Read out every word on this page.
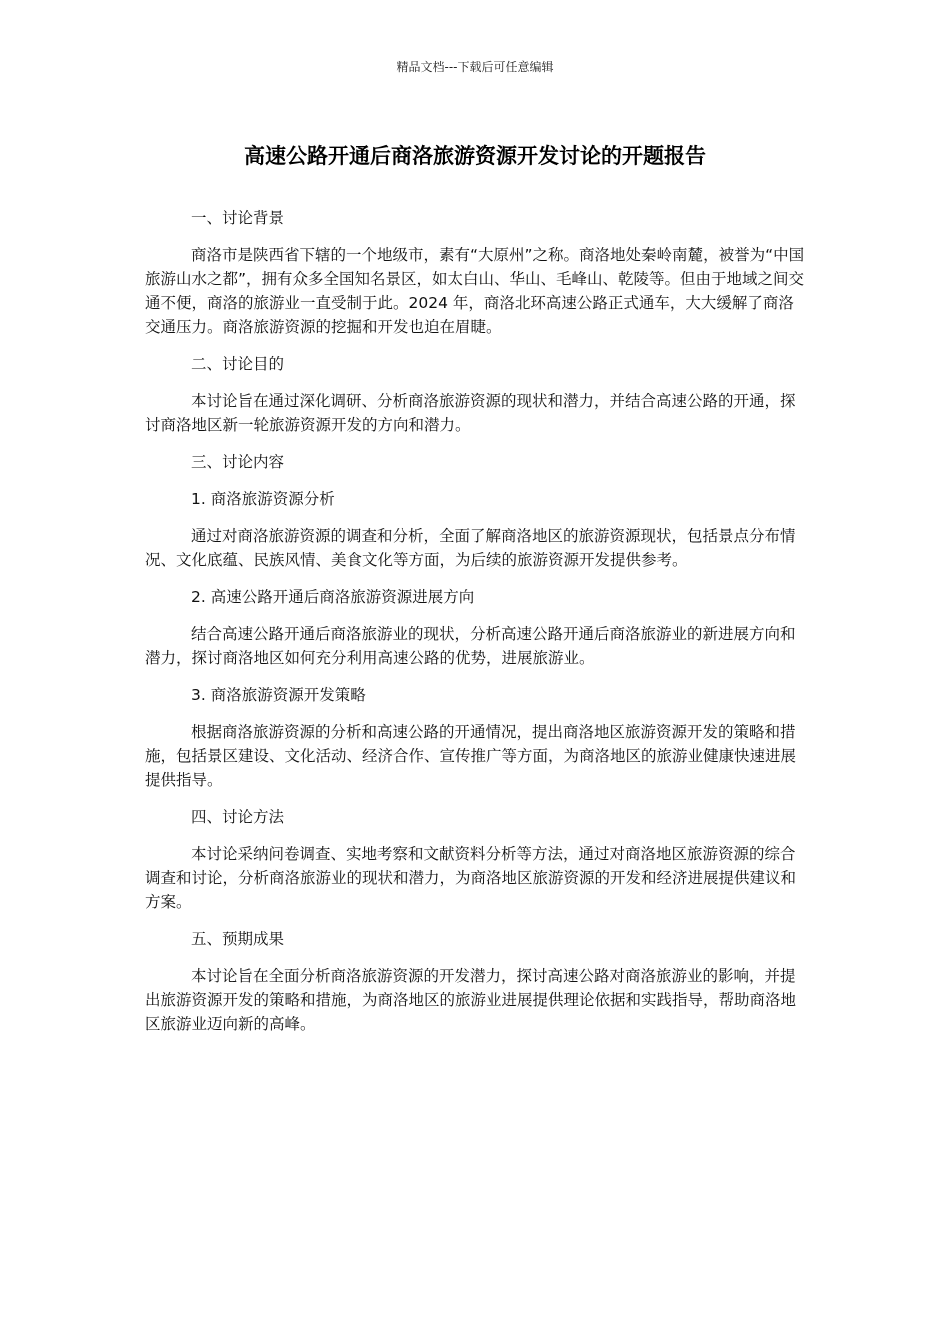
精品文档---下载后可任意编辑
高速公路开通后商洛旅游资源开发讨论的开题报告

一、讨论背景

商洛市是陕西省下辖的一个地级市，素有“大原州”之称。商洛地处秦岭南麓，被誉为“中国旅游山水之都”，拥有众多全国知名景区，如太白山、华山、毛峰山、乾陵等。但由于地域之间交通不便，商洛的旅游业一直受制于此。2024 年，商洛北环高速公路正式通车，大大缓解了商洛交通压力。商洛旅游资源的挖掘和开发也迫在眉睫。

二、讨论目的

本讨论旨在通过深化调研、分析商洛旅游资源的现状和潜力，并结合高速公路的开通，探讨商洛地区新一轮旅游资源开发的方向和潜力。

三、讨论内容

1. 商洛旅游资源分析

通过对商洛旅游资源的调查和分析，全面了解商洛地区的旅游资源现状，包括景点分布情况、文化底蕴、民族风情、美食文化等方面，为后续的旅游资源开发提供参考。

2. 高速公路开通后商洛旅游资源进展方向

结合高速公路开通后商洛旅游业的现状，分析高速公路开通后商洛旅游业的新进展方向和潜力，探讨商洛地区如何充分利用高速公路的优势，进展旅游业。

3. 商洛旅游资源开发策略

根据商洛旅游资源的分析和高速公路的开通情况，提出商洛地区旅游资源开发的策略和措施，包括景区建设、文化活动、经济合作、宣传推广等方面，为商洛地区的旅游业健康快速进展提供指导。

四、讨论方法

本讨论采纳问卷调查、实地考察和文献资料分析等方法，通过对商洛地区旅游资源的综合调查和讨论，分析商洛旅游业的现状和潜力，为商洛地区旅游资源的开发和经济进展提供建议和方案。

五、预期成果

本讨论旨在全面分析商洛旅游资源的开发潜力，探讨高速公路对商洛旅游业的影响，并提出旅游资源开发的策略和措施，为商洛地区的旅游业进展提供理论依据和实践指导，帮助商洛地区旅游业迈向新的高峰。
